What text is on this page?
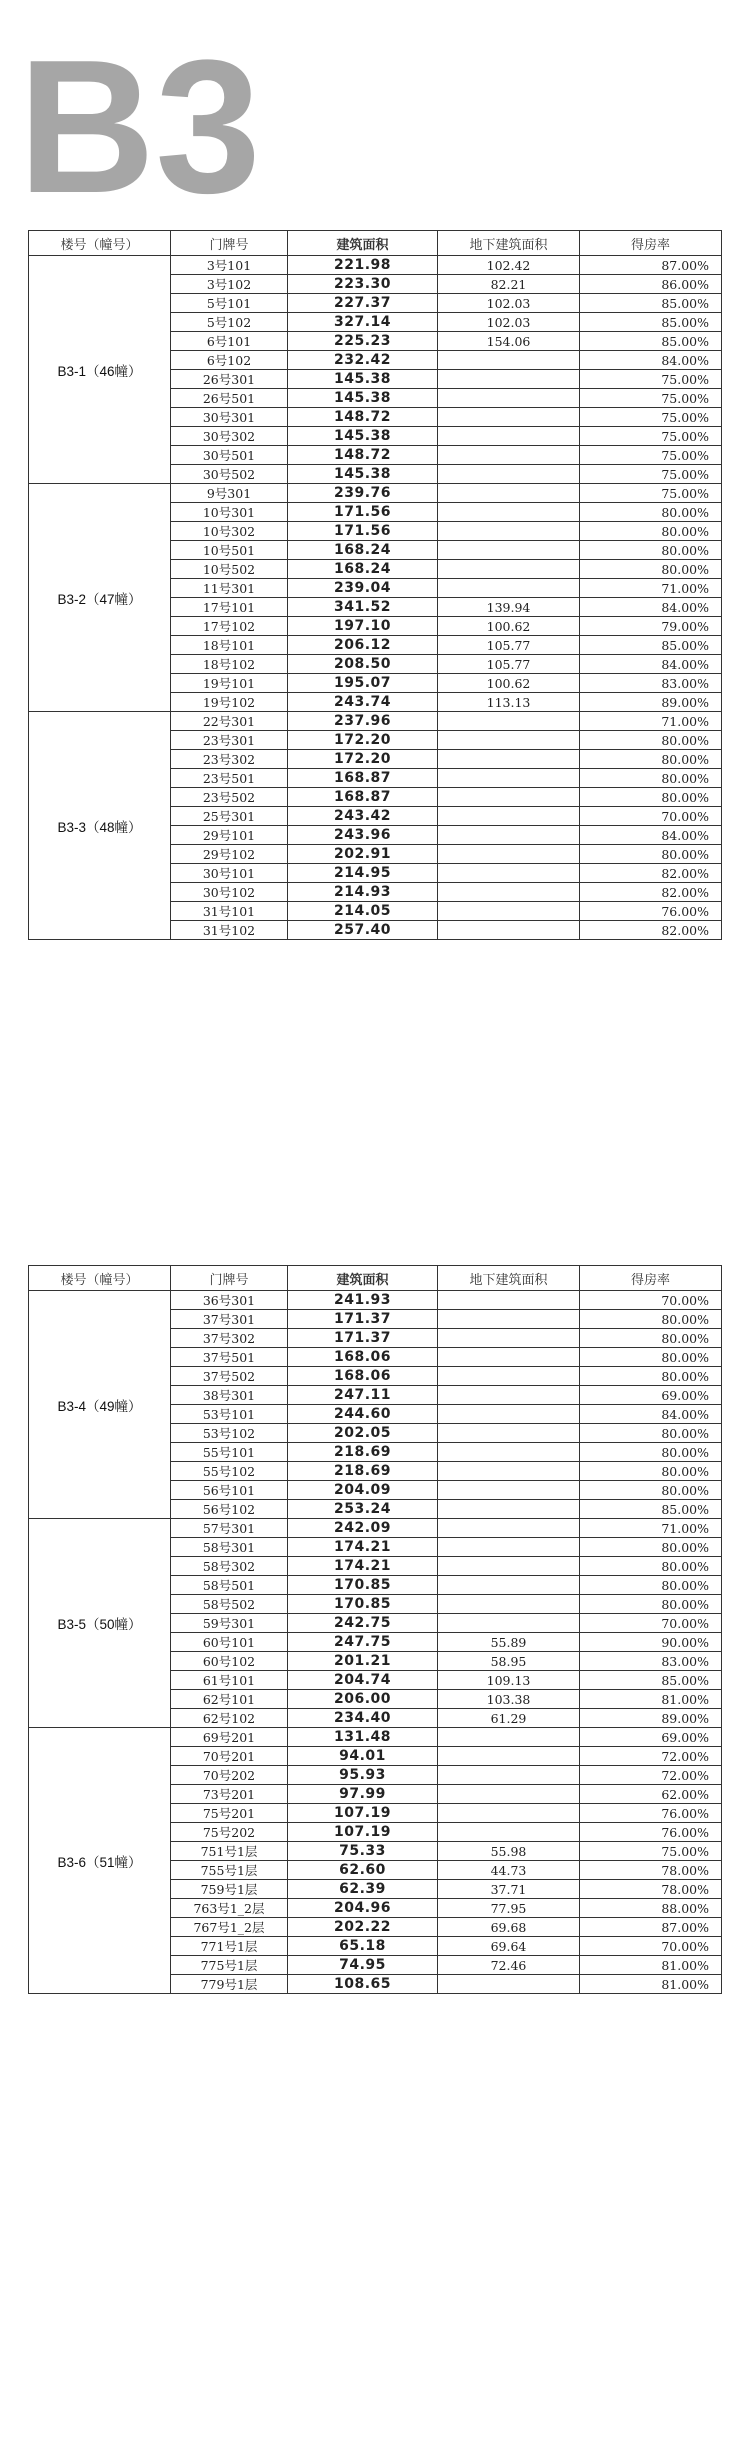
B3
楼号（幢号）	门牌号	建筑面积	地下建筑面积	得房率
B3-1（46幢）	3号101	221.98	102.42	87.00%
	3号102	223.30	82.21	86.00%
	5号101	227.37	102.03	85.00%
	5号102	327.14	102.03	85.00%
	6号101	225.23	154.06	85.00%
	6号102	232.42		84.00%
	26号301	145.38		75.00%
	26号501	145.38		75.00%
	30号301	148.72		75.00%
	30号302	145.38		75.00%
	30号501	148.72		75.00%
	30号502	145.38		75.00%
B3-2（47幢）	9号301	239.76		75.00%
	10号301	171.56		80.00%
	10号302	171.56		80.00%
	10号501	168.24		80.00%
	10号502	168.24		80.00%
	11号301	239.04		71.00%
	17号101	341.52	139.94	84.00%
	17号102	197.10	100.62	79.00%
	18号101	206.12	105.77	85.00%
	18号102	208.50	105.77	84.00%
	19号101	195.07	100.62	83.00%
	19号102	243.74	113.13	89.00%
B3-3（48幢）	22号301	237.96		71.00%
	23号301	172.20		80.00%
	23号302	172.20		80.00%
	23号501	168.87		80.00%
	23号502	168.87		80.00%
	25号301	243.42		70.00%
	29号101	243.96		84.00%
	29号102	202.91		80.00%
	30号101	214.95		82.00%
	30号102	214.93		82.00%
	31号101	214.05		76.00%
	31号102	257.40		82.00%
楼号（幢号）	门牌号	建筑面积	地下建筑面积	得房率
B3-4（49幢）	36号301	241.93		70.00%
	37号301	171.37		80.00%
	37号302	171.37		80.00%
	37号501	168.06		80.00%
	37号502	168.06		80.00%
	38号301	247.11		69.00%
	53号101	244.60		84.00%
	53号102	202.05		80.00%
	55号101	218.69		80.00%
	55号102	218.69		80.00%
	56号101	204.09		80.00%
	56号102	253.24		85.00%
B3-5（50幢）	57号301	242.09		71.00%
	58号301	174.21		80.00%
	58号302	174.21		80.00%
	58号501	170.85		80.00%
	58号502	170.85		80.00%
	59号301	242.75		70.00%
	60号101	247.75	55.89	90.00%
	60号102	201.21	58.95	83.00%
	61号101	204.74	109.13	85.00%
	62号101	206.00	103.38	81.00%
	62号102	234.40	61.29	89.00%
B3-6（51幢）	69号201	131.48		69.00%
	70号201	94.01		72.00%
	70号202	95.93		72.00%
	73号201	97.99		62.00%
	75号201	107.19		76.00%
	75号202	107.19		76.00%
	751号1层	75.33	55.98	75.00%
	755号1层	62.60	44.73	78.00%
	759号1层	62.39	37.71	78.00%
	763号1_2层	204.96	77.95	88.00%
	767号1_2层	202.22	69.68	87.00%
	771号1层	65.18	69.64	70.00%
	775号1层	74.95	72.46	81.00%
	779号1层	108.65		81.00%
